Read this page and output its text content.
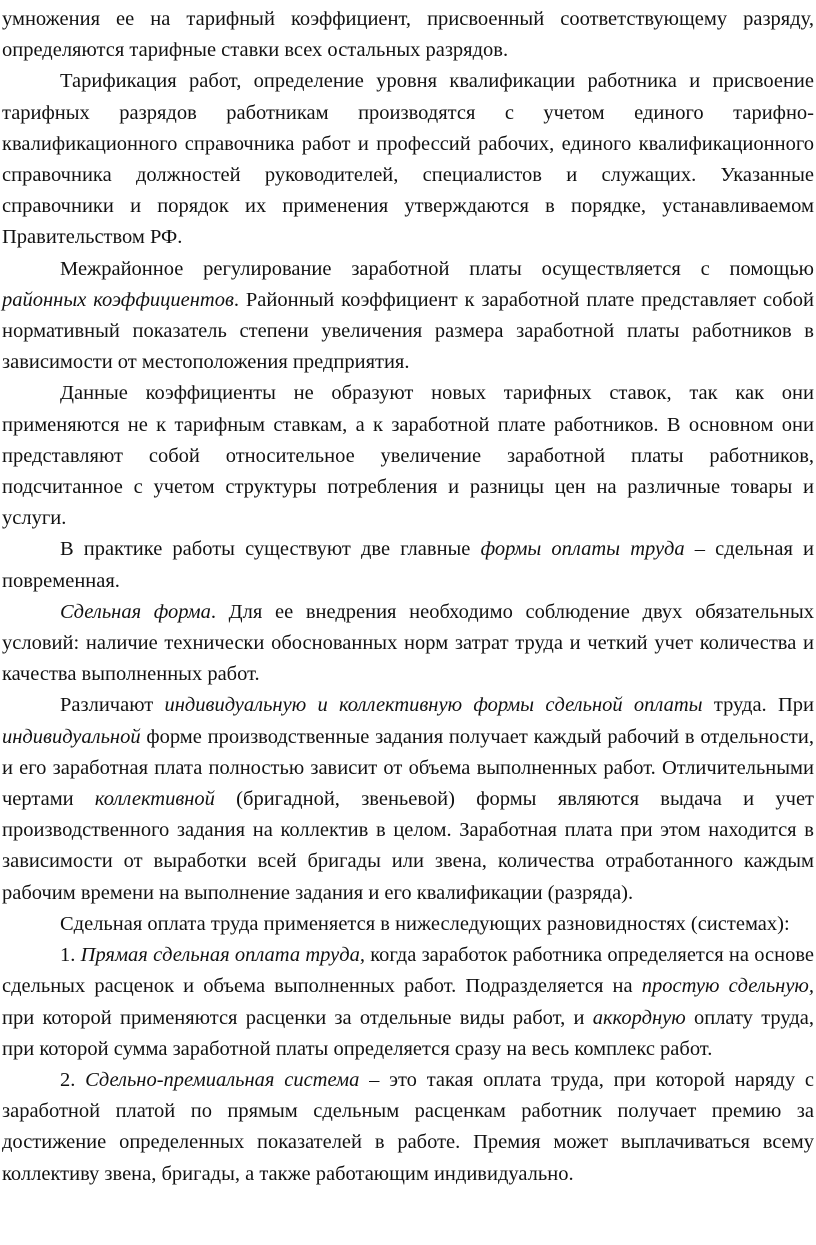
умножения ее на тарифный коэффициент, присвоенный соответствующему разряду, определяются тарифные ставки всех остальных разрядов.

Тарификация работ, определение уровня квалификации работника и присвоение тарифных разрядов работникам производятся с учетом единого тарифно-квалификационного справочника работ и профессий рабочих, единого квалификационного справочника должностей руководителей, специалистов и служащих. Указанные справочники и порядок их применения утверждаются в порядке, устанавливаемом Правительством РФ.

Межрайонное регулирование заработной платы осуществляется с помощью районных коэффициентов. Районный коэффициент к заработной плате представляет собой нормативный показатель степени увеличения размера заработной платы работников в зависимости от местоположения предприятия.

Данные коэффициенты не образуют новых тарифных ставок, так как они применяются не к тарифным ставкам, а к заработной плате работников. В основном они представляют собой относительное увеличение заработной платы работников, подсчитанное с учетом структуры потребления и разницы цен на различные товары и услуги.

В практике работы существуют две главные формы оплаты труда – сдельная и повременная.

Сдельная форма. Для ее внедрения необходимо соблюдение двух обязательных условий: наличие технически обоснованных норм затрат труда и четкий учет количества и качества выполненных работ.

Различают индивидуальную и коллективную формы сдельной оплаты труда. При индивидуальной форме производственные задания получает каждый рабочий в отдельности, и его заработная плата полностью зависит от объема выполненных работ. Отличительными чертами коллективной (бригадной, звеньевой) формы являются выдача и учет производственного задания на коллектив в целом. Заработная плата при этом находится в зависимости от выработки всей бригады или звена, количества отработанного каждым рабочим времени на выполнение задания и его квалификации (разряда).

Сдельная оплата труда применяется в нижеследующих разновидностях (системах):

1. Прямая сдельная оплата труда, когда заработок работника определяется на основе сдельных расценок и объема выполненных работ. Подразделяется на простую сдельную, при которой применяются расценки за отдельные виды работ, и аккордную оплату труда, при которой сумма заработной платы определяется сразу на весь комплекс работ.

2. Сдельно-премиальная система – это такая оплата труда, при которой наряду с заработной платой по прямым сдельным расценкам работник получает премию за достижение определенных показателей в работе. Премия может выплачиваться всему коллективу звена, бригады, а также работающим индивидуально.
